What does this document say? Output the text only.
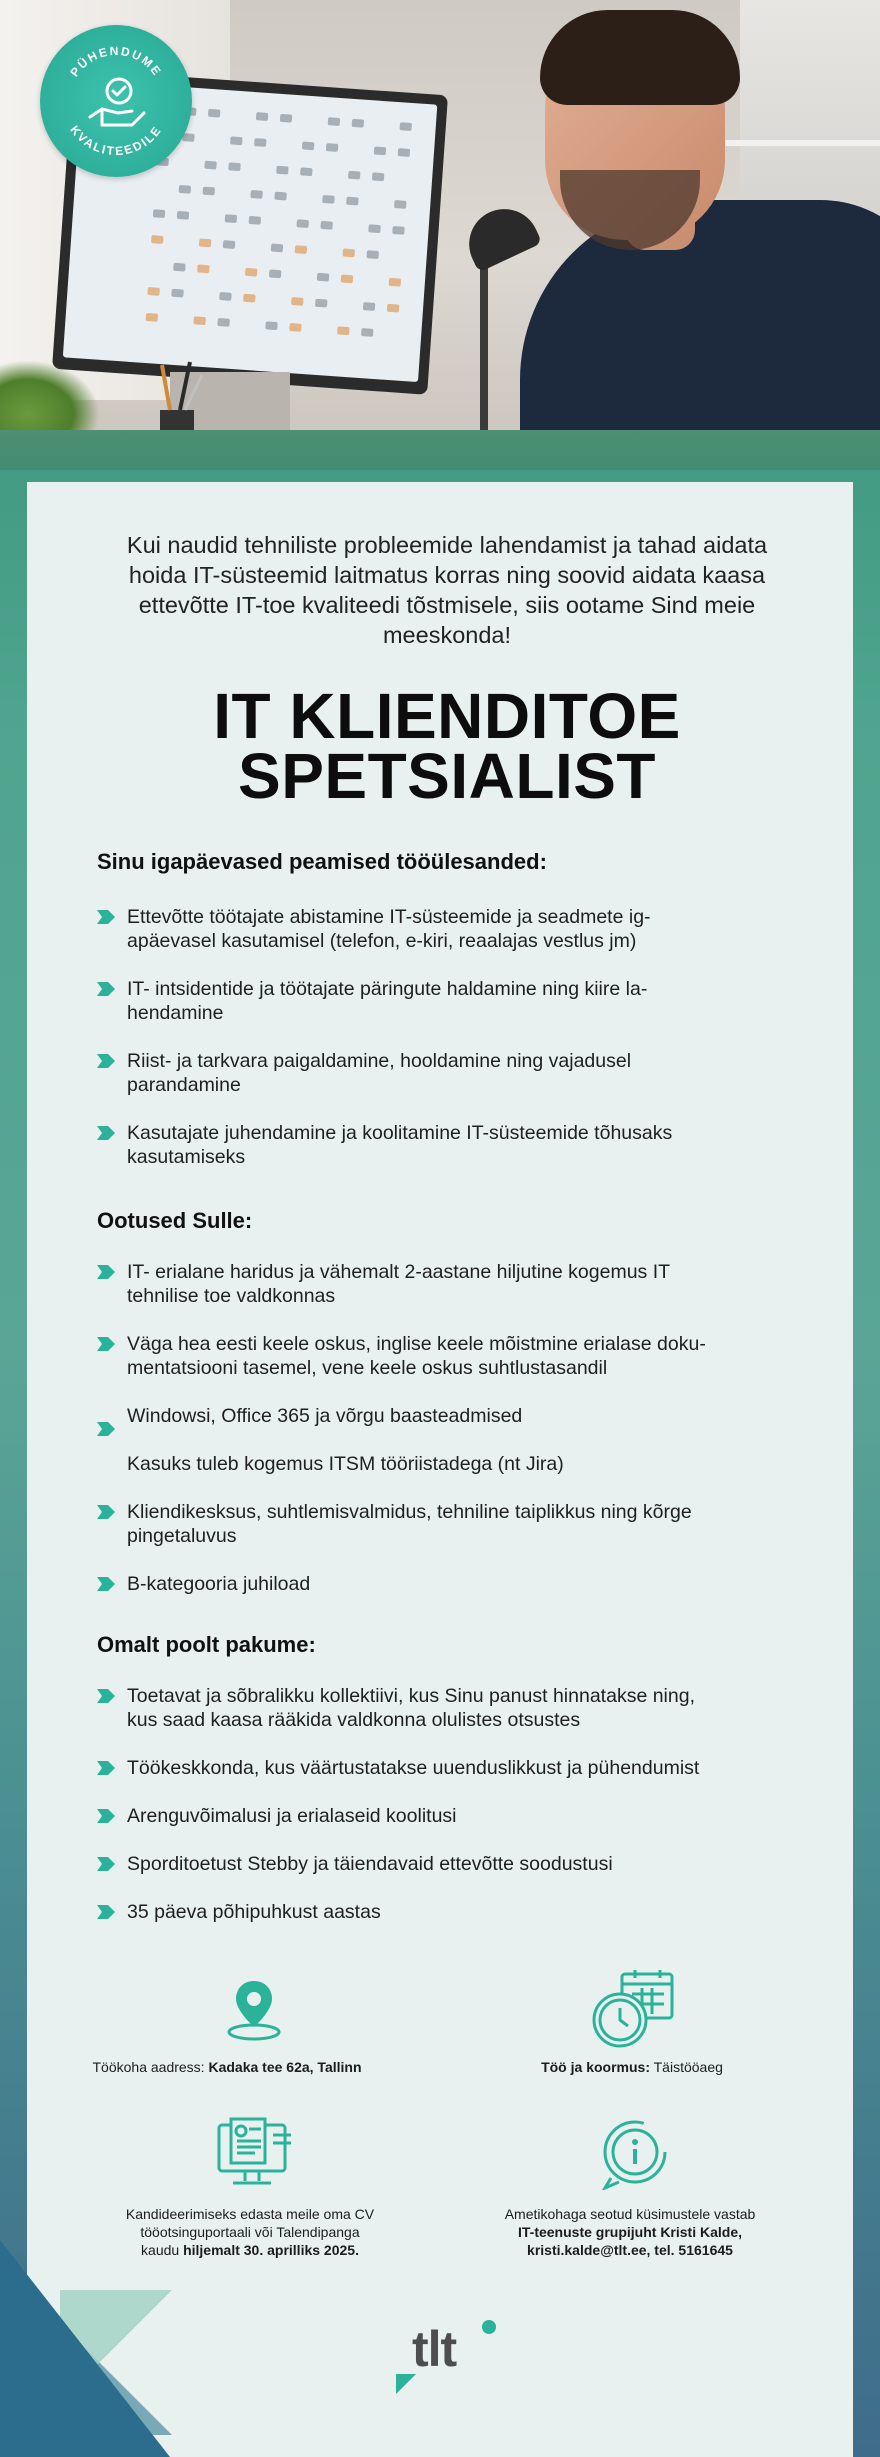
PÜHENDUME
KVALITEEDILE

Kui naudid tehniliste probleemide lahendamist ja tahad aidata hoida IT-süsteemid laitmatus korras ning soovid aidata kaasa ettevõtte IT-toe kvaliteedi tõstmisele, siis ootame Sind meie meeskonda!

IT KLIENDITOE
SPETSIALIST
Sinu igapäevased peamised tööülesanded:
Ettevõtte töötajate abistamine IT-süsteemide ja seadmete ig-
apäevasel kasutamisel (telefon, e-kiri, reaalajas vestlus jm)
IT- intsidentide ja töötajate päringute haldamine ning kiire la-
hendamine
Riist- ja tarkvara paigaldamine, hooldamine ning vajadusel
parandamine
Kasutajate juhendamine ja koolitamine IT-süsteemide tõhusaks
kasutamiseks
Ootused Sulle:
IT- erialane haridus ja vähemalt 2-aastane hiljutine kogemus IT
tehnilise toe valdkonnas
Väga hea eesti keele oskus, inglise keele mõistmine erialase doku-
mentatsiooni tasemel, vene keele oskus suhtlustasandil
Windowsi, Office 365 ja võrgu baasteadmised

Kasuks tuleb kogemus ITSM tööriistadega (nt Jira)
Kliendikesksus, suhtlemisvalmidus, tehniline taiplikkus ning kõrge
pingetaluvus
B-kategooria juhiload
Omalt poolt pakume:
Toetavat ja sõbralikku kollektiivi, kus Sinu panust hinnatakse ning,
kus saad kaasa rääkida valdkonna olulistes otsustes
Töökeskkonda, kus väärtustatakse uuenduslikkust ja pühendumist
Arenguvõimalusi ja erialaseid koolitusi
Sporditoetust Stebby ja täiendavaid ettevõtte soodustusi
35 päeva põhipuhkust aastas
Töökoha aadress: Kadaka tee 62a, Tallinn	Töö ja koormus: Täistööaeg
Kandideerimiseks edasta meile oma CV
tööotsinguportaali või Talendipanga
kaudu hiljemalt 30. aprilliks 2025.
Ametikohaga seotud küsimustele vastab
IT-teenuste grupijuht Kristi Kalde,
kristi.kalde@tlt.ee, tel. 5161645
tlt
